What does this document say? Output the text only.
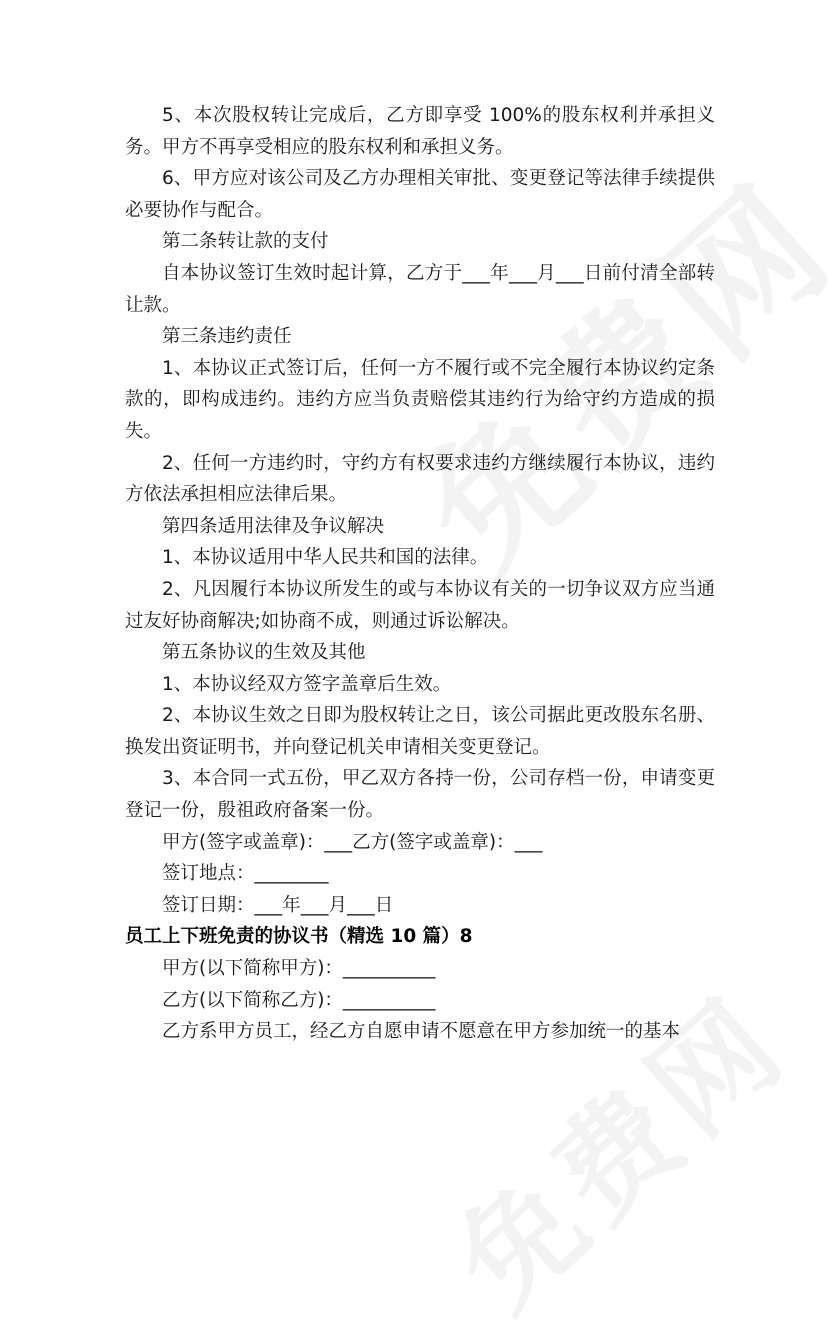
5、本次股权转让完成后，乙方即享受 100%的股东权利并承担义务。甲方不再享受相应的股东权利和承担义务。

6、甲方应对该公司及乙方办理相关审批、变更登记等法律手续提供必要协作与配合。

第二条转让款的支付

自本协议签订生效时起计算，乙方于___年___月___日前付清全部转让款。

第三条违约责任

1、本协议正式签订后，任何一方不履行或不完全履行本协议约定条款的，即构成违约。违约方应当负责赔偿其违约行为给守约方造成的损失。

2、任何一方违约时，守约方有权要求违约方继续履行本协议，违约方依法承担相应法律后果。

第四条适用法律及争议解决

1、本协议适用中华人民共和国的法律。

2、凡因履行本协议所发生的或与本协议有关的一切争议双方应当通过友好协商解决;如协商不成，则通过诉讼解决。

第五条协议的生效及其他

1、本协议经双方签字盖章后生效。

2、本协议生效之日即为股权转让之日，该公司据此更改股东名册、换发出资证明书，并向登记机关申请相关变更登记。

3、本合同一式五份，甲乙双方各持一份，公司存档一份，申请变更登记一份，殷祖政府备案一份。

甲方(签字或盖章)：___乙方(签字或盖章)：___

签订地点：________

签订日期：___年___月___日

员工上下班免责的协议书（精选 10 篇）8

甲方(以下简称甲方)：__________

乙方(以下简称乙方)：__________

乙方系甲方员工，经乙方自愿申请不愿意在甲方参加统一的基本
